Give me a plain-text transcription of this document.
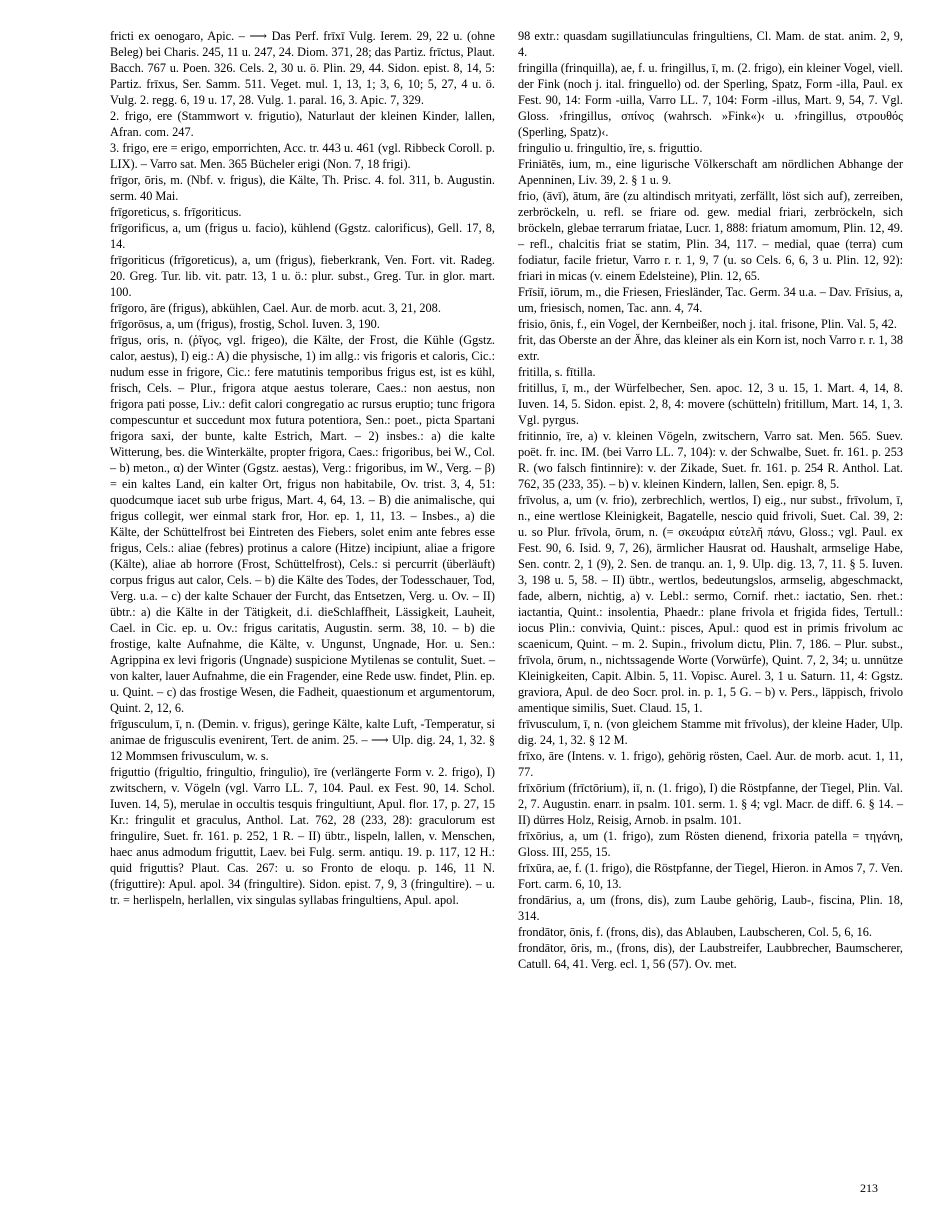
fricti ex oenogaro, Apic. – ⟶ Das Perf. frīxī Vulg. Ierem. 29, 22 u. (ohne Beleg) bei Charis. 245, 11 u. 247, 24. Diom. 371, 28; das Partiz. frīctus, Plaut. Bacch. 767 u. Poen. 326. Cels. 2, 30 u. ö. Plin. 29, 44. Sidon. epist. 8, 14, 5: Partiz. frīxus, Ser. Samm. 511. Veget. mul. 1, 13, 1; 3, 6, 10; 5, 27, 4 u. ö. Vulg. 2. regg. 6, 19 u. 17, 28. Vulg. 1. paral. 16, 3. Apic. 7, 329.

2. frigo, ere (Stammwort v. frigutio), Naturlaut der kleinen Kinder, lallen, Afran. com. 247.

3. frigo, ere = erigo, emporrichten, Acc. tr. 443 u. 461 (vgl. Ribbeck Coroll. p. LIX). – Varro sat. Men. 365 Bücheler erigi (Non. 7, 18 frigi).

frīgor, ōris, m. (Nbf. v. frigus), die Kälte, Th. Prisc. 4. fol. 311, b. Augustin. serm. 40 Mai.

frīgoreticus, s. frīgoriticus.

frīgorificus, a, um (frigus u. facio), kühlend (Ggstz. calorificus), Gell. 17, 8, 14.

frīgoriticus (frīgoreticus), a, um (frigus), fieberkrank, Ven. Fort. vit. Radeg. 20. Greg. Tur. lib. vit. patr. 13, 1 u. ö.: plur. subst., Greg. Tur. in glor. mart. 100.

frīgoro, āre (frigus), abkühlen, Cael. Aur. de morb. acut. 3, 21, 208.

frīgorōsus, a, um (frigus), frostig, Schol. Iuven. 3, 190.

frīgus, oris, n. (ῥῖγος, vgl. frigeo), die Kälte, der Frost, die Kühle (Ggstz. calor, aestus), I) eig.: A) die physische, 1) im allg.: vis frigoris et caloris, Cic.: nudum esse in frigore, Cic.: fere matutinis temporibus frigus est, ist es kühl, frisch, Cels. – Plur., frigora atque aestus tolerare, Caes.: non aestus, non frigora pati posse, Liv.: defit calori congregatio ac rursus eruptio; tunc frigora compescuntur et succedunt mox futura potentiora, Sen.: poet., picta Spartani frigora saxi, der bunte, kalte Estrich, Mart. – 2) insbes.: a) die kalte Witterung, bes. die Winterkälte, propter frigora, Caes.: frigoribus, bei W., Col. – b) meton., α) der Winter (Ggstz. aestas), Verg.: frigoribus, im W., Verg. – β) = ein kaltes Land, ein kalter Ort, frigus non habitabile, Ov. trist. 3, 4, 51: quodcumque iacet sub urbe frigus, Mart. 4, 64, 13. – B) die animalische, qui frigus collegit, wer einmal stark fror, Hor. ep. 1, 11, 13. – Insbes., a) die Kälte, der Schüttelfrost bei Eintreten des Fiebers, solet enim ante febres esse frigus, Cels.: aliae (febres) protinus a calore (Hitze) incipiunt, aliae a frigore (Kälte), aliae ab horrore (Frost, Schüttelfrost), Cels.: si percurrit (überläuft) corpus frigus aut calor, Cels. – b) die Kälte des Todes, der Todesschauer, Tod, Verg. u.a. – c) der kalte Schauer der Furcht, das Entsetzen, Verg. u. Ov. – II) übtr.: a) die Kälte in der Tätigkeit, d.i. dieSchlaffheit, Lässigkeit, Lauheit, Cael. in Cic. ep. u. Ov.: frigus caritatis, Augustin. serm. 38, 10. – b) die frostige, kalte Aufnahme, die Kälte, v. Ungunst, Ungnade, Hor. u. Sen.: Agrippina ex levi frigoris (Ungnade) suspicione Mytilenas se contulit, Suet. – von kalter, lauer Aufnahme, die ein Fragender, eine Rede usw. findet, Plin. ep. u. Quint. – c) das frostige Wesen, die Fadheit, quaestionum et argumentorum, Quint. 2, 12, 6.

frīgusculum, ī, n. (Demin. v. frigus), geringe Kälte, kalte Luft, -Temperatur, si animae de frigusculis evenirent, Tert. de anim. 25. – ⟶ Ulp. dig. 24, 1, 32. § 12 Mommsen frivusculum, w. s.

friguttio (frigultio, fringultio, fringulio), īre (verlängerte Form v. 2. frigo), I) zwitschern, v. Vögeln (vgl. Varro LL. 7, 104. Paul. ex Fest. 90, 14. Schol. Iuven. 14, 5), merulae in occultis tesquis fringultiunt, Apul. flor. 17, p. 27, 15 Kr.: fringulit et graculus, Anthol. Lat. 762, 28 (233, 28): graculorum est fringulire, Suet. fr. 161. p. 252, 1 R. – II) übtr., lispeln, lallen, v. Menschen, haec anus admodum friguttit, Laev. bei Fulg. serm. antiqu. 19. p. 117, 12 H.: quid friguttis? Plaut. Cas. 267: u. so Fronto de eloqu. p. 146, 11 N. (friguttire): Apul. apol. 34 (fringultire). Sidon. epist. 7, 9, 3 (fringultire). – u. tr. = herlispeln, herlallen, vix singulas syllabas fringultiens, Apul. apol.

98 extr.: quasdam sugillatiunculas fringultiens, Cl. Mam. de stat. anim. 2, 9, 4.

fringilla (frinquilla), ae, f. u. fringillus, ī, m. (2. frigo), ein kleiner Vogel, viell. der Fink (noch j. ital. fringuello) od. der Sperling, Spatz, Form -illa, Paul. ex Fest. 90, 14: Form -uilla, Varro LL. 7, 104: Form -illus, Mart. 9, 54, 7. Vgl. Gloss. ›fringillus, σπίνος (wahrsch. »Fink«)‹ u. ›fringillus, στρουθός (Sperling, Spatz)‹.

fringulio u. fringultio, īre, s. friguttio.

Friniātēs, ium, m., eine ligurische Völkerschaft am nördlichen Abhange der Apenninen, Liv. 39, 2. § 1 u. 9.

frio, (āvī), ātum, āre (zu altindisch mrityati, zerfällt, löst sich auf), zerreiben, zerbröckeln, u. refl. se friare od. gew. medial friari, zerbröckeln, sich bröckeln, glebae terrarum friatae, Lucr. 1, 888: friatum amomum, Plin. 12, 49. – refl., chalcitis friat se statim, Plin. 34, 117. – medial, quae (terra) cum fodiatur, facile frietur, Varro r. r. 1, 9, 7 (u. so Cels. 6, 6, 3 u. Plin. 12, 92): friari in micas (v. einem Edelsteine), Plin. 12, 65.

Frīsiī, iōrum, m., die Friesen, Friesländer, Tac. Germ. 34 u.a. – Dav. Frīsius, a, um, friesisch, nomen, Tac. ann. 4, 74.

frisio, ōnis, f., ein Vogel, der Kernbeißer, noch j. ital. frisone, Plin. Val. 5, 42.

frit, das Oberste an der Ähre, das kleiner als ein Korn ist, noch Varro r. r. 1, 38 extr.

fritilla, s. fītilla.

fritillus, ī, m., der Würfelbecher, Sen. apoc. 12, 3 u. 15, 1. Mart. 4, 14, 8. Iuven. 14, 5. Sidon. epist. 2, 8, 4: movere (schütteln) fritillum, Mart. 14, 1, 3. Vgl. pyrgus.

fritinnio, īre, a) v. kleinen Vögeln, zwitschern, Varro sat. Men. 565. Suev. poët. fr. inc. IM. (bei Varro LL. 7, 104): v. der Schwalbe, Suet. fr. 161. p. 253 R. (wo falsch fintinnire): v. der Zikade, Suet. fr. 161. p. 254 R. Anthol. Lat. 762, 35 (233, 35). – b) v. kleinen Kindern, lallen, Sen. epigr. 8, 5.

frīvolus, a, um (v. frio), zerbrechlich, wertlos, I) eig., nur subst., frīvolum, ī, n., eine wertlose Kleinigkeit, Bagatelle, nescio quid frivoli, Suet. Cal. 39, 2: u. so Plur. frīvola, ōrum, n. (= σκευάρια εὐτελῆ πάνυ, Gloss.; vgl. Paul. ex Fest. 90, 6. Isid. 9, 7, 26), ärmlicher Hausrat od. Haushalt, armselige Habe, Sen. contr. 2, 1 (9), 2. Sen. de tranqu. an. 1, 9. Ulp. dig. 13, 7, 11. § 5. Iuven. 3, 198 u. 5, 58. – II) übtr., wertlos, bedeutungslos, armselig, abgeschmackt, fade, albern, nichtig, a) v. Lebl.: sermo, Cornif. rhet.: iactatio, Sen. rhet.: iactantia, Quint.: insolentia, Phaedr.: plane frivola et frigida fides, Tertull.: iocus Plin.: convivia, Quint.: pisces, Apul.: quod est in primis frivolum ac scaenicum, Quint. – m. 2. Supin., frivolum dictu, Plin. 7, 186. – Plur. subst., frīvola, ōrum, n., nichtssagende Worte (Vorwürfe), Quint. 7, 2, 34; u. unnütze Kleinigkeiten, Capit. Albin. 5, 11. Vopisc. Aurel. 3, 1 u. Saturn. 11, 4: Ggstz. graviora, Apul. de deo Socr. prol. in. p. 1, 5 G. – b) v. Pers., läppisch, frivolo amentique similis, Suet. Claud. 15, 1.

frīvusculum, ī, n. (von gleichem Stamme mit frīvolus), der kleine Hader, Ulp. dig. 24, 1, 32. § 12 M.

frīxo, āre (Intens. v. 1. frigo), gehörig rösten, Cael. Aur. de morb. acut. 1, 11, 77.

frīxōrium (frīctōrium), iī, n. (1. frigo), I) die Röstpfanne, der Tiegel, Plin. Val. 2, 7. Augustin. enarr. in psalm. 101. serm. 1. § 4; vgl. Macr. de diff. 6. § 14. – II) dürres Holz, Reisig, Arnob. in psalm. 101.

frīxōrius, a, um (1. frigo), zum Rösten dienend, frixoria patella = τηγάνη, Gloss. III, 255, 15.

frīxūra, ae, f. (1. frigo), die Röstpfanne, der Tiegel, Hieron. in Amos 7, 7. Ven. Fort. carm. 6, 10, 13.

frondārius, a, um (frons, dis), zum Laube gehörig, Laub-, fiscina, Plin. 18, 314.

frondātor, ōnis, f. (frons, dis), das Ablauben, Laubscheren, Col. 5, 6, 16.

frondātor, ōris, m., (frons, dis), der Laubstreifer, Laubbrecher, Baumscherer, Catull. 64, 41. Verg. ecl. 1, 56 (57). Ov. met.

213
